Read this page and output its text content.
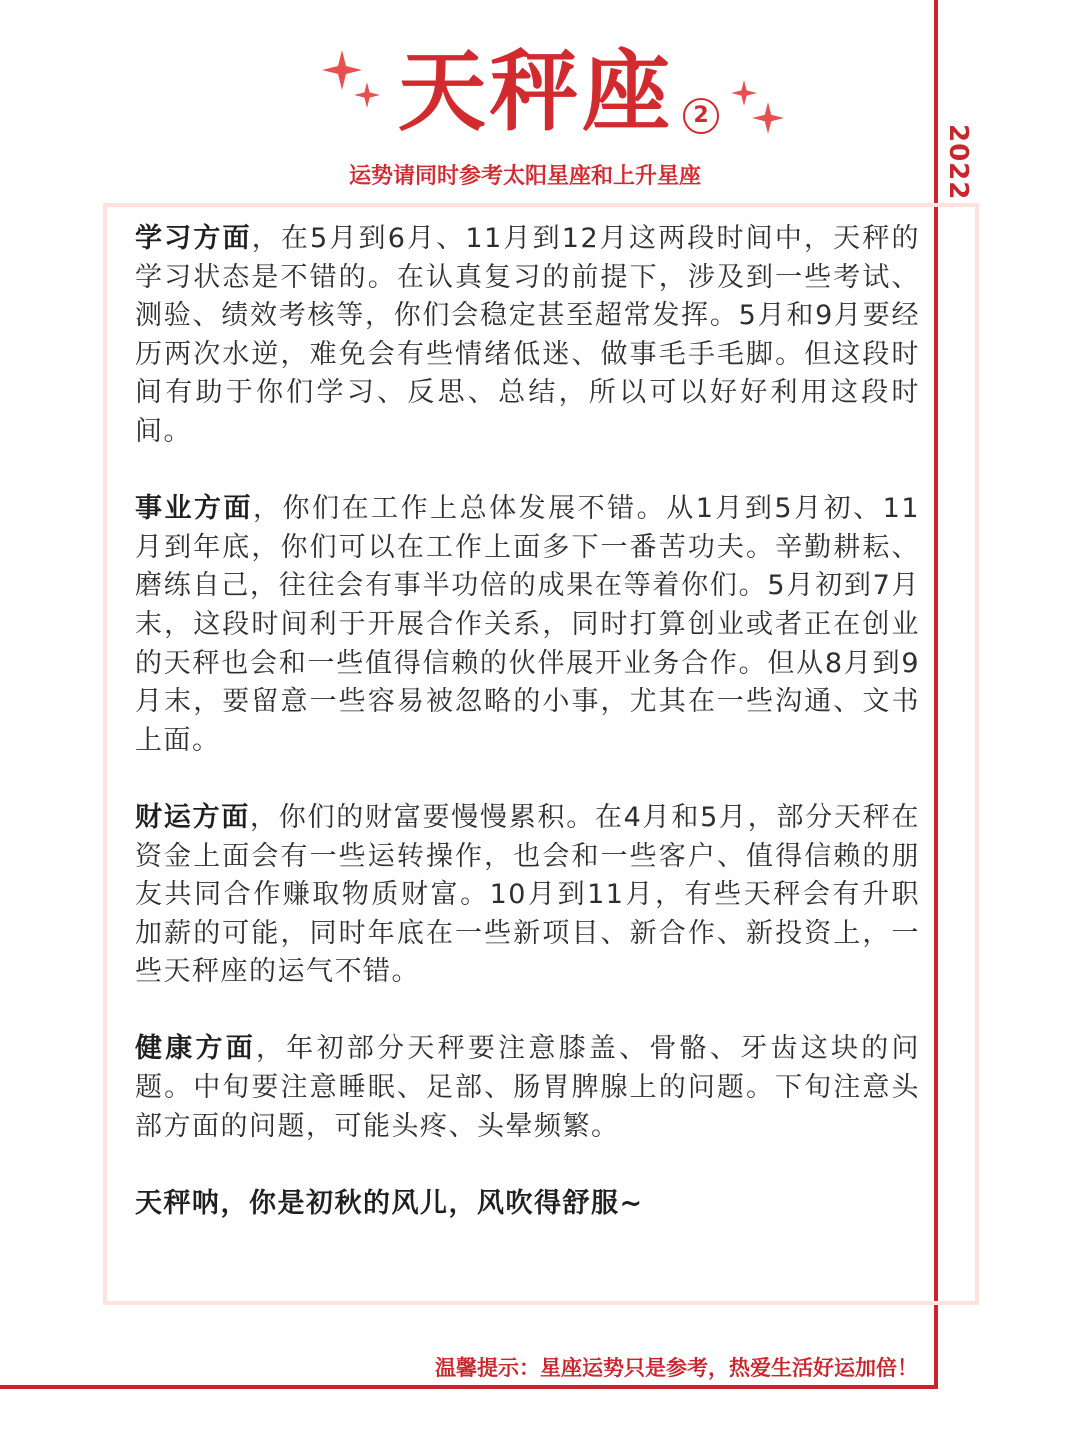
2022
天秤座 2
运势请同时参考太阳星座和上升星座

学习方面，在5月到6月、11月到12月这两段时间中，天秤的学习状态是不错的。在认真复习的前提下，涉及到一些考试、测验、绩效考核等，你们会稳定甚至超常发挥。5月和9月要经历两次水逆，难免会有些情绪低迷、做事毛手毛脚。但这段时间有助于你们学习、反思、总结，所以可以好好利用这段时间。

事业方面，你们在工作上总体发展不错。从1月到5月初、11月到年底，你们可以在工作上面多下一番苦功夫。辛勤耕耘、磨练自己，往往会有事半功倍的成果在等着你们。5月初到7月末，这段时间利于开展合作关系，同时打算创业或者正在创业的天秤也会和一些值得信赖的伙伴展开业务合作。但从8月到9月末，要留意一些容易被忽略的小事，尤其在一些沟通、文书上面。

财运方面，你们的财富要慢慢累积。在4月和5月，部分天秤在资金上面会有一些运转操作，也会和一些客户、值得信赖的朋友共同合作赚取物质财富。10月到11月，有些天秤会有升职加薪的可能，同时年底在一些新项目、新合作、新投资上，一些天秤座的运气不错。

健康方面，年初部分天秤要注意膝盖、骨骼、牙齿这块的问题。中旬要注意睡眠、足部、肠胃脾腺上的问题。下旬注意头部方面的问题，可能头疼、头晕频繁。

天秤呐，你是初秋的风儿，风吹得舒服~

温馨提示：星座运势只是参考，热爱生活好运加倍！
